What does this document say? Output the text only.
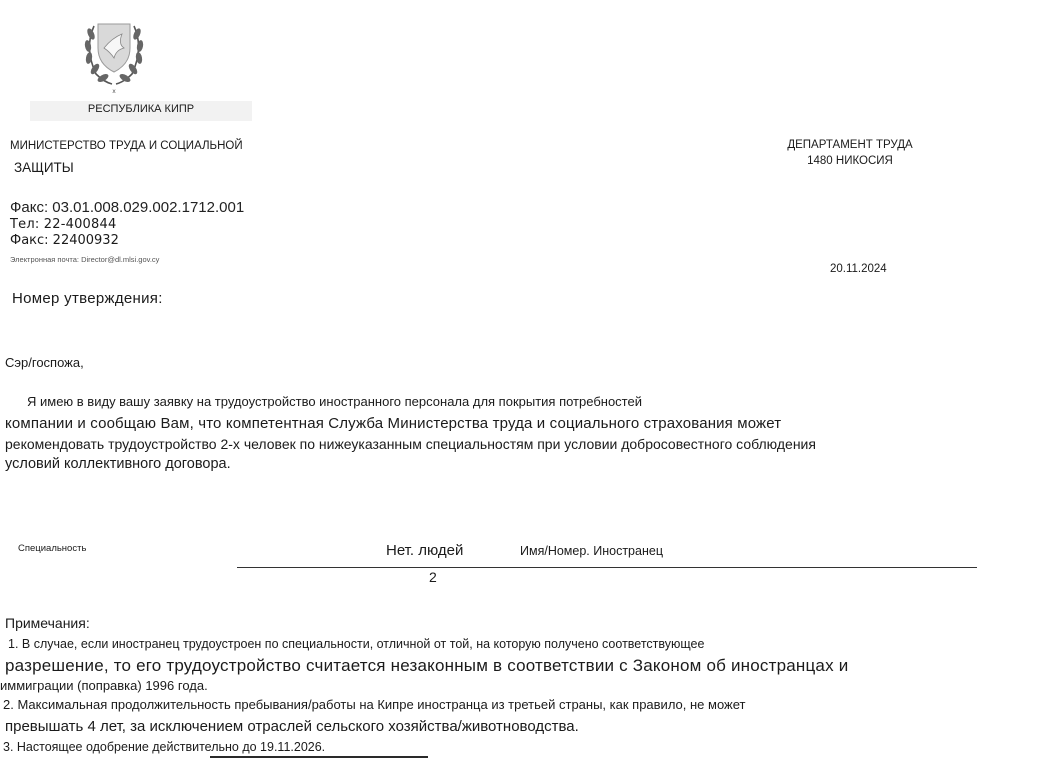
x
РЕСПУБЛИКА КИПР
МИНИСТЕРСТВО ТРУДА И СОЦИАЛЬНОЙ
ЗАЩИТЫ
ДЕПАРТАМЕНТ ТРУДА
1480 НИКОСИЯ
Факс: 03.01.008.029.002.1712.001
Тел: 22-400844
Факс: 22400932
Электронная почта: Director@dl.mlsi.gov.cy
20.11.2024
Номер утверждения:
Сэр/госпожа,
Я имею в виду вашу заявку на трудоустройство иностранного персонала для покрытия потребностей
компании и сообщаю Вам, что компетентная Служба Министерства труда и социального страхования может
рекомендовать трудоустройство 2-х человек по нижеуказанным специальностям при условии добросовестного соблюдения
условий коллективного договора.
Специальность	Нет. людей	Имя/Номер. Иностранец
2
Примечания:
1. В случае, если иностранец трудоустроен по специальности, отличной от той, на которую получено соответствующее
разрешение, то его трудоустройство считается незаконным в соответствии с Законом об иностранцах и
иммиграции (поправка) 1996 года.
2. Максимальная продолжительность пребывания/работы на Кипре иностранца из третьей страны, как правило, не может
превышать 4 лет, за исключением отраслей сельского хозяйства/животноводства.
3. Настоящее одобрение действительно до 19.11.2026.
